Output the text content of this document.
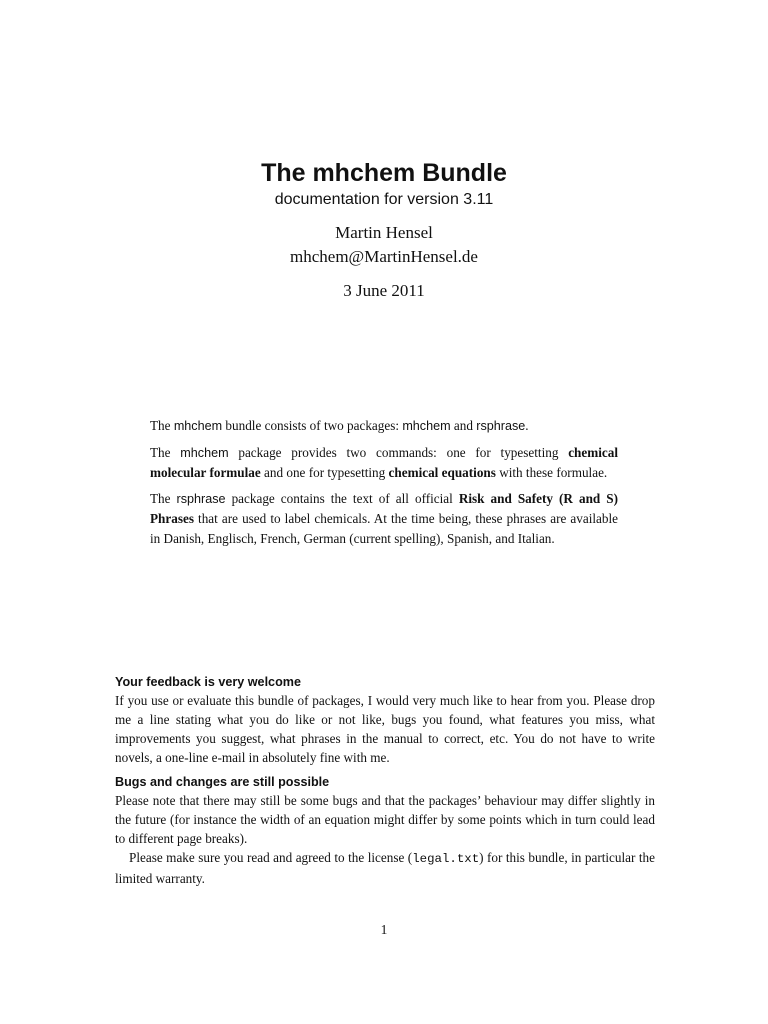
The mhchem Bundle
documentation for version 3.11
Martin Hensel
mhchem@MartinHensel.de
3 June 2011

The mhchem bundle consists of two packages: mhchem and rsphrase.

The mhchem package provides two commands: one for typesetting chemical molecular formulae and one for typesetting chemical equations with these formulae.

The rsphrase package contains the text of all official Risk and Safety (R and S) Phrases that are used to label chemicals. At the time being, these phrases are available in Danish, Englisch, French, German (current spelling), Spanish, and Italian.

Your feedback is very welcome

If you use or evaluate this bundle of packages, I would very much like to hear from you. Please drop me a line stating what you do like or not like, bugs you found, what features you miss, what improvements you suggest, what phrases in the manual to correct, etc. You do not have to write novels, a one-line e-mail in absolutely fine with me.

Bugs and changes are still possible

Please note that there may still be some bugs and that the packages’ behaviour may differ slightly in the future (for instance the width of an equation might differ by some points which in turn could lead to different page breaks).

Please make sure you read and agreed to the license (legal.txt) for this bundle, in particular the limited warranty.

1
